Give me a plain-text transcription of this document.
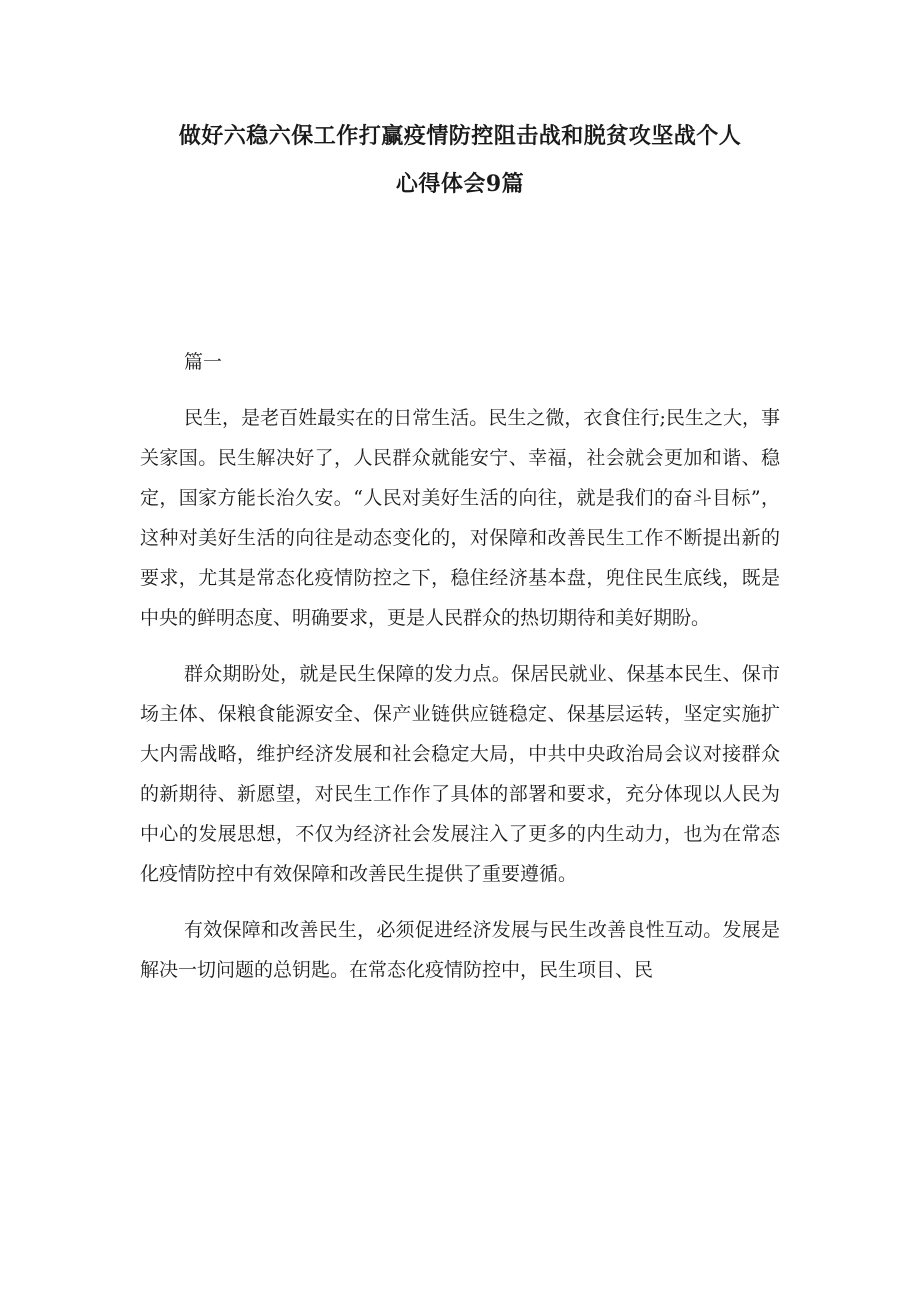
做好六稳六保工作打赢疫情防控阻击战和脱贫攻坚战个人
心得体会9篇

篇一

民生，是老百姓最实在的日常生活。民生之微，衣食住行;民生之大，事关家国。民生解决好了，人民群众就能安宁、幸福，社会就会更加和谐、稳定，国家方能长治久安。“人民对美好生活的向往，就是我们的奋斗目标”，这种对美好生活的向往是动态变化的，对保障和改善民生工作不断提出新的要求，尤其是常态化疫情防控之下，稳住经济基本盘，兜住民生底线，既是中央的鲜明态度、明确要求，更是人民群众的热切期待和美好期盼。

群众期盼处，就是民生保障的发力点。保居民就业、保基本民生、保市场主体、保粮食能源安全、保产业链供应链稳定、保基层运转，坚定实施扩大内需战略，维护经济发展和社会稳定大局，中共中央政治局会议对接群众的新期待、新愿望，对民生工作作了具体的部署和要求，充分体现以人民为中心的发展思想，不仅为经济社会发展注入了更多的内生动力，也为在常态化疫情防控中有效保障和改善民生提供了重要遵循。

有效保障和改善民生，必须促进经济发展与民生改善良性互动。发展是解决一切问题的总钥匙。在常态化疫情防控中，民生项目、民
